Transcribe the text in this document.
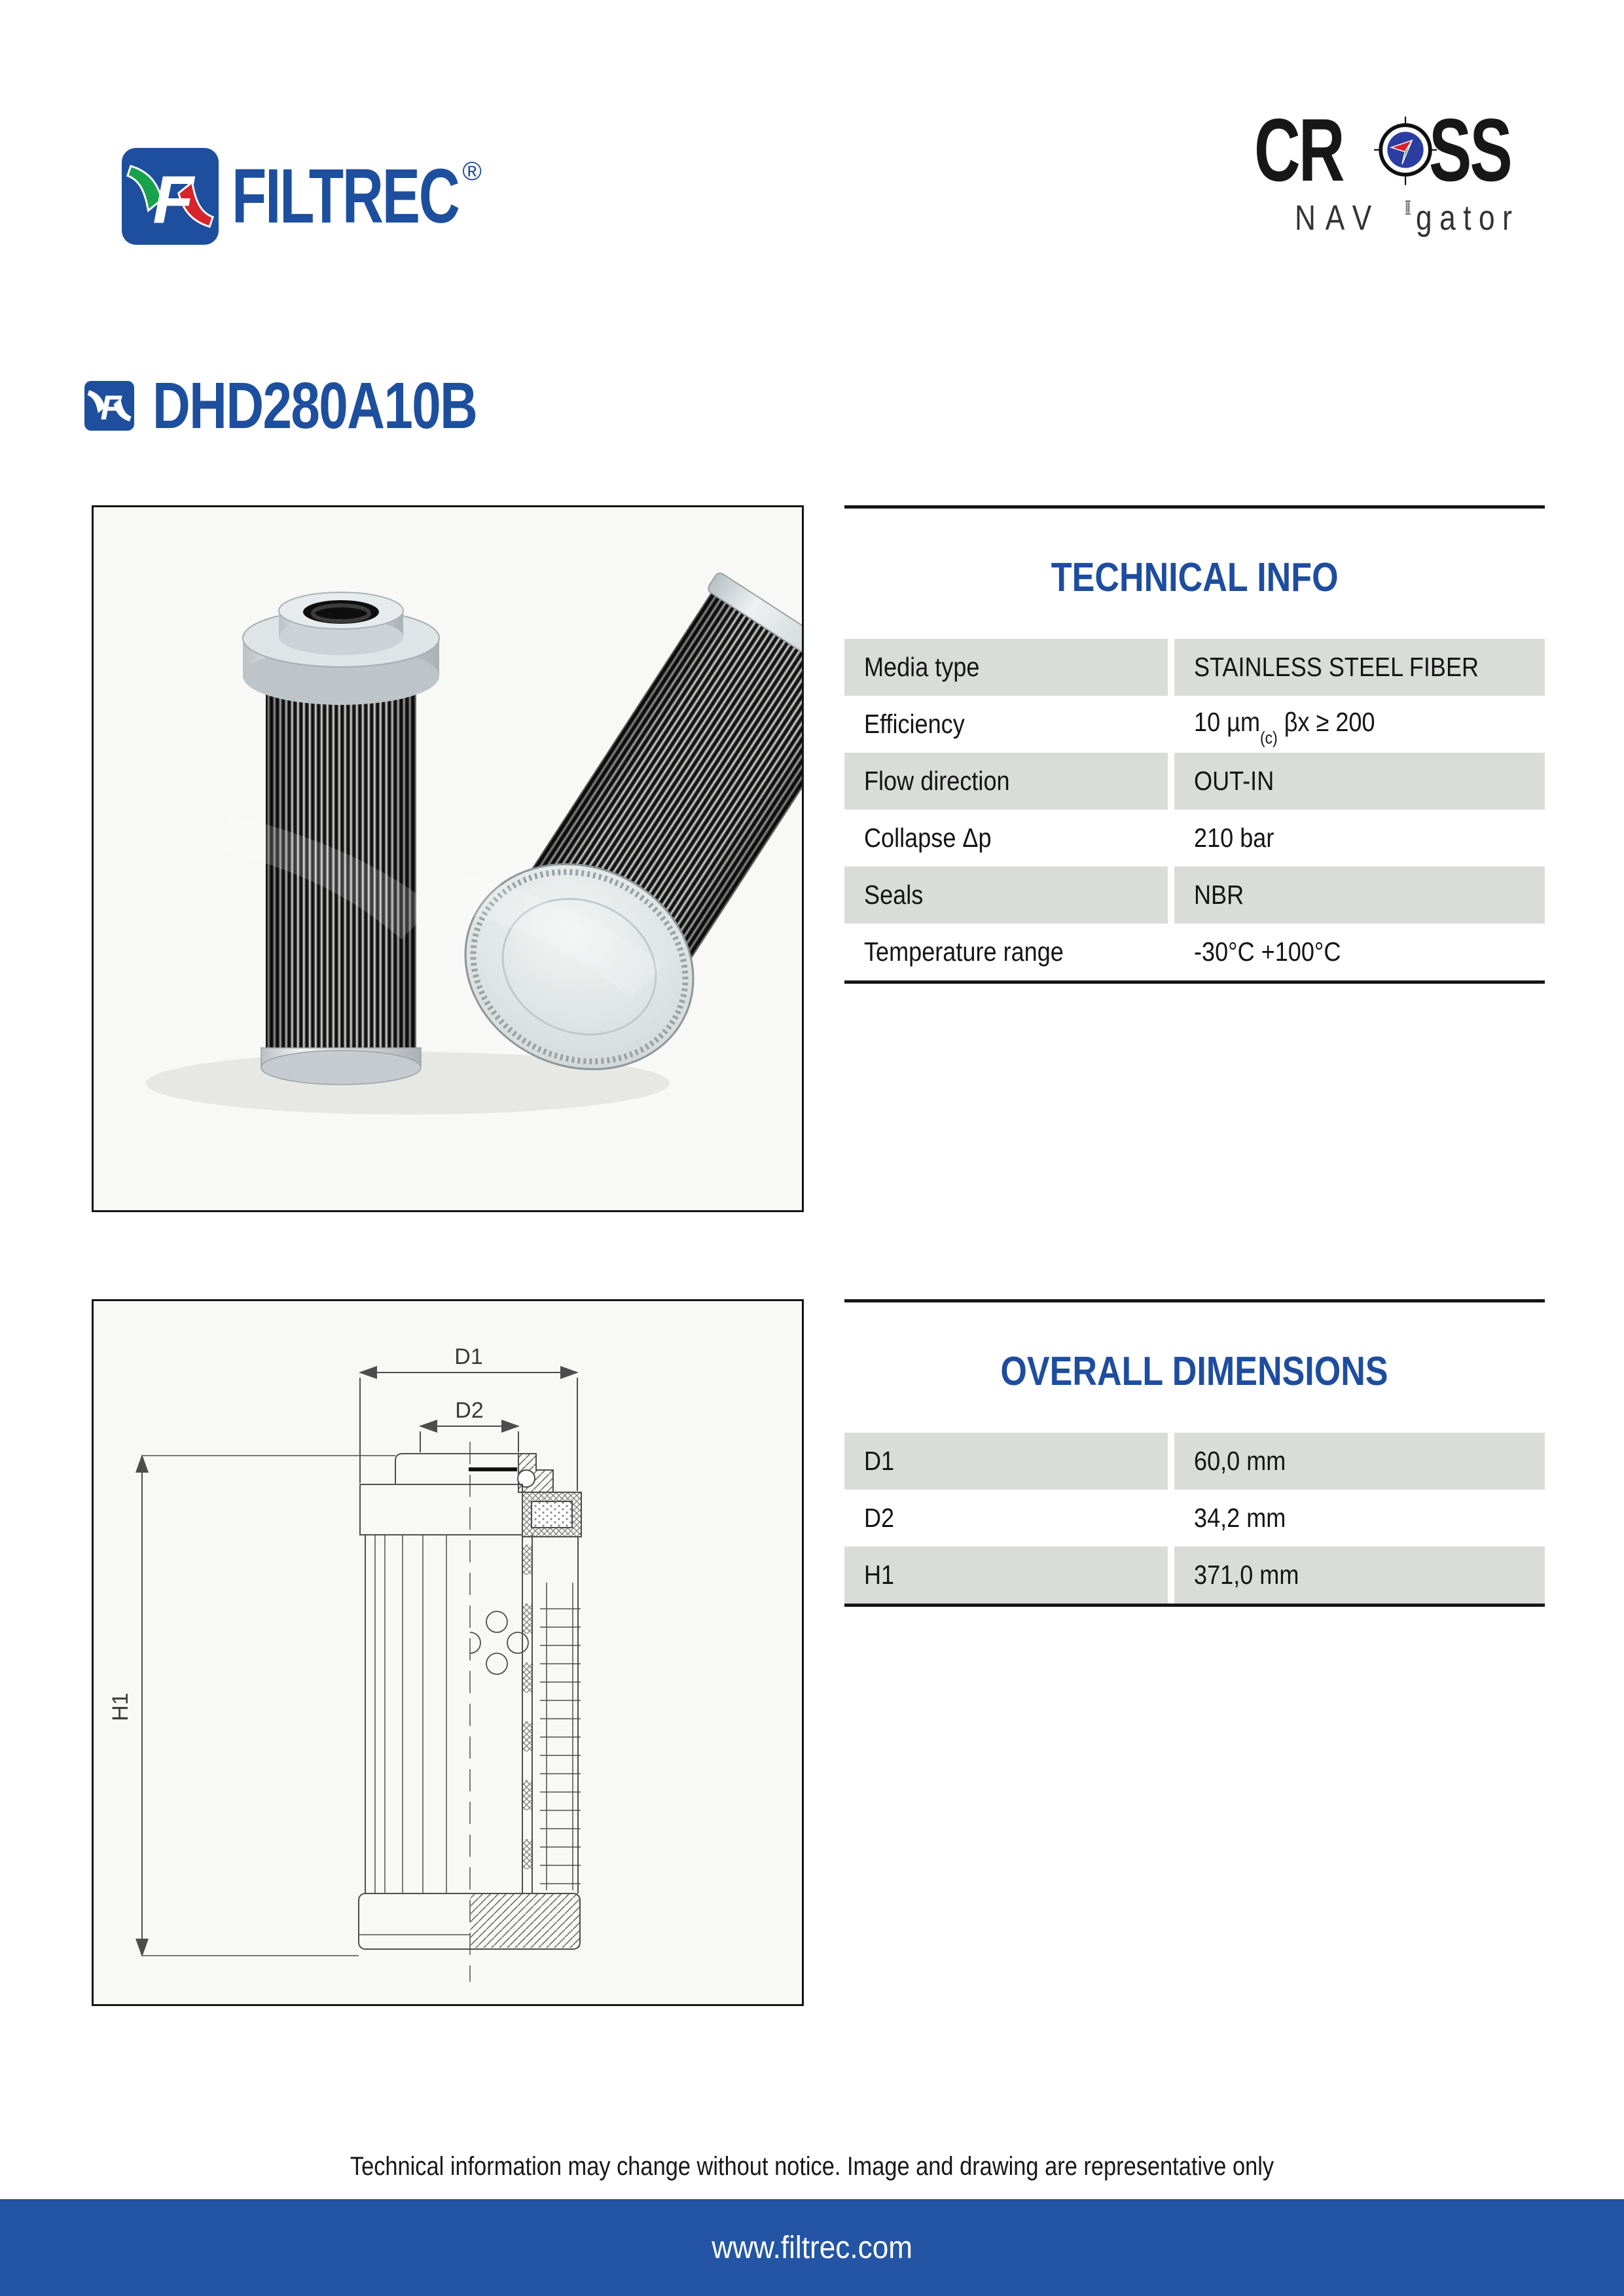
F FILTREC ®	CR SS
NAV gator
F DHD280A10B
TECHNICAL INFO
Media type	STAINLESS STEEL FIBER
Efficiency	10 µm$_{(c)}$ βx ≥ 200
Flow direction	OUT-IN
Collapse Δp	210 bar
Seals	NBR
Temperature range	-30°C +100°C
D1
D2
H1
OVERALL DIMENSIONS
D1	60,0 mm
D2	34,2 mm
H1	371,0 mm
Technical information may change without notice. Image and drawing are representative only
www.filtrec.com
